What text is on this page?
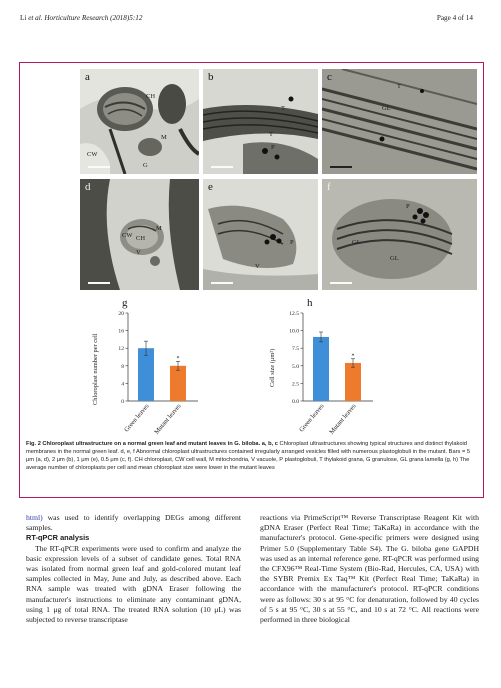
Li et al. Horticulture Research (2018)5:12	Page 4 of 14
a
CH
M
CW
G
b
T
T
P
c
GL
T
d
CH
V
M
CW
e
P
V
f
P
GL
GL
g
Chloroplast number per cell	0
4
8
12
16
20
Green leaves
*
Mutant leaves
h
Cell size (μm²)
0.0
2.5
5.0
7.5
10.0
12.5
Green leaves
*
Mutant leaves
Fig. 2 Chloroplast ultrastructure on a normal green leaf and mutant leaves in G. biloba. a, b, c Chloroplast ultrastructures showing typical structures and distinct thylakoid membranes in the normal green leaf. d, e, f Abnormal chloroplast ultrastructures contained irregularly arranged vesicles filled with numerous plastoglobuli in the mutant. Bars = 5 μm (a, d), 2 μm (b), 1 μm (e), 0.5 μm (c, f). CH chloroplast, CW cell wall, M mitochondria, V vacuole, P plastoglobuli, T thylakoid grana, G granulose, GL grana lamella (g, h) The average number of chloroplasts per cell and mean chloroplast size were lower in the mutant leaves

html) was used to identify overlapping DEGs among different samples.

RT-qPCR analysis

The RT-qPCR experiments were used to confirm and analyze the basic expression levels of a subset of candidate genes. Total RNA was isolated from normal green leaf and gold-colored mutant leaf samples collected in May, June and July, as described above. Each RNA sample was treated with gDNA Eraser following the manufacturer's instructions to eliminate any contaminant gDNA, using 1 μg of total RNA. The treated RNA solution (10 μL) was subjected to reverse transcriptase

reactions via PrimeScript™ Reverse Transcriptase Reagent Kit with gDNA Eraser (Perfect Real Time; TaKaRa) in accordance with the manufacturer's protocol. Gene-specific primers were designed using Primer 5.0 (Supplementary Table S4). The G. biloba gene GAPDH was used as an internal reference gene. RT-qPCR was performed using the CFX96™ Real-Time System (Bio-Rad, Hercules, CA, USA) with the SYBR Premix Ex Taq™ Kit (Perfect Real Time; TaKaRa) in accordance with the manufacturer's protocol. RT-qPCR conditions were as follows: 30 s at 95 °C for denaturation, followed by 40 cycles of 5 s at 95 °C, 30 s at 55 °C, and 10 s at 72 °C. All reactions were performed in three biological
